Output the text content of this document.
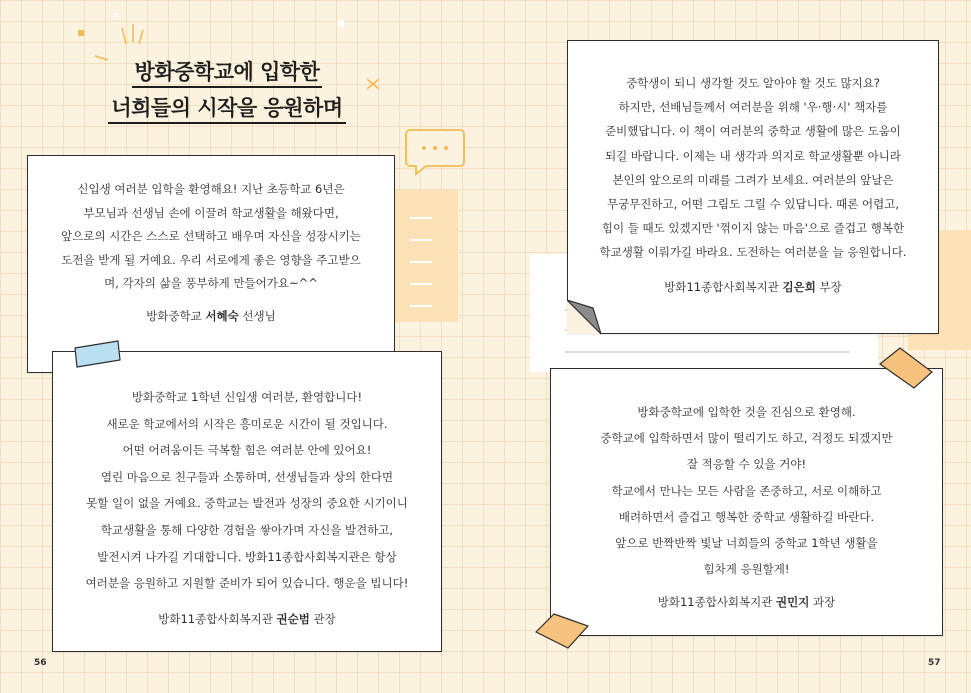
방화중학교에 입학한
너희들의 시작을 응원하며

신입생 여러분 입학을 환영해요! 지난 초등학교 6년은

부모님과 선생님 손에 이끌려 학교생활을 해왔다면,

앞으로의 시간은 스스로 선택하고 배우며 자신을 성장시키는

도전을 받게 될 거예요. 우리 서로에게 좋은 영향을 주고받으

며, 각자의 삶을 풍부하게 만들어가요~^^

방화중학교 서혜숙 선생님

방화중학교 1학년 신입생 여러분, 환영합니다!

새로운 학교에서의 시작은 흥미로운 시간이 될 것입니다.

어떤 어려움이든 극복할 힘은 여러분 안에 있어요!

열린 마음으로 친구들과 소통하며, 선생님들과 상의 한다면

못할 일이 없을 거예요. 중학교는 발전과 성장의 중요한 시기이니

학교생활을 통해 다양한 경험을 쌓아가며 자신을 발견하고,

발전시켜 나가길 기대합니다. 방화11종합사회복지관은 항상

여러분을 응원하고 지원할 준비가 되어 있습니다. 행운을 빕니다!

방화11종합사회복지관 권순범 관장

중학생이 되니 생각할 것도 알아야 할 것도 많지요?

하지만, 선배님들께서 여러분을 위해 '우·행·시' 책자를

준비했답니다. 이 책이 여러분의 중학교 생활에 많은 도움이

되길 바랍니다. 이제는 내 생각과 의지로 학교생활뿐 아니라

본인의 앞으로의 미래를 그려가 보세요. 여러분의 앞날은

무궁무진하고, 어떤 그림도 그릴 수 있답니다. 때론 어렵고,

힘이 들 때도 있겠지만 '꺾이지 않는 마음'으로 즐겁고 행복한

학교생활 이뤄가길 바라요. 도전하는 여러분을 늘 응원합니다.

방화11종합사회복지관 김은희 부장

방화중학교에 입학한 것을 진심으로 환영해.

중학교에 입학하면서 많이 떨리기도 하고, 걱정도 되겠지만

잘 적응할 수 있을 거야!

학교에서 만나는 모든 사람을 존중하고, 서로 이해하고

배려하면서 즐겁고 행복한 중학교 생활하길 바란다.

앞으로 반짝반짝 빛날 너희들의 중학교 1학년 생활을

힘차게 응원할게!

방화11종합사회복지관 권민지 과장
56	57
